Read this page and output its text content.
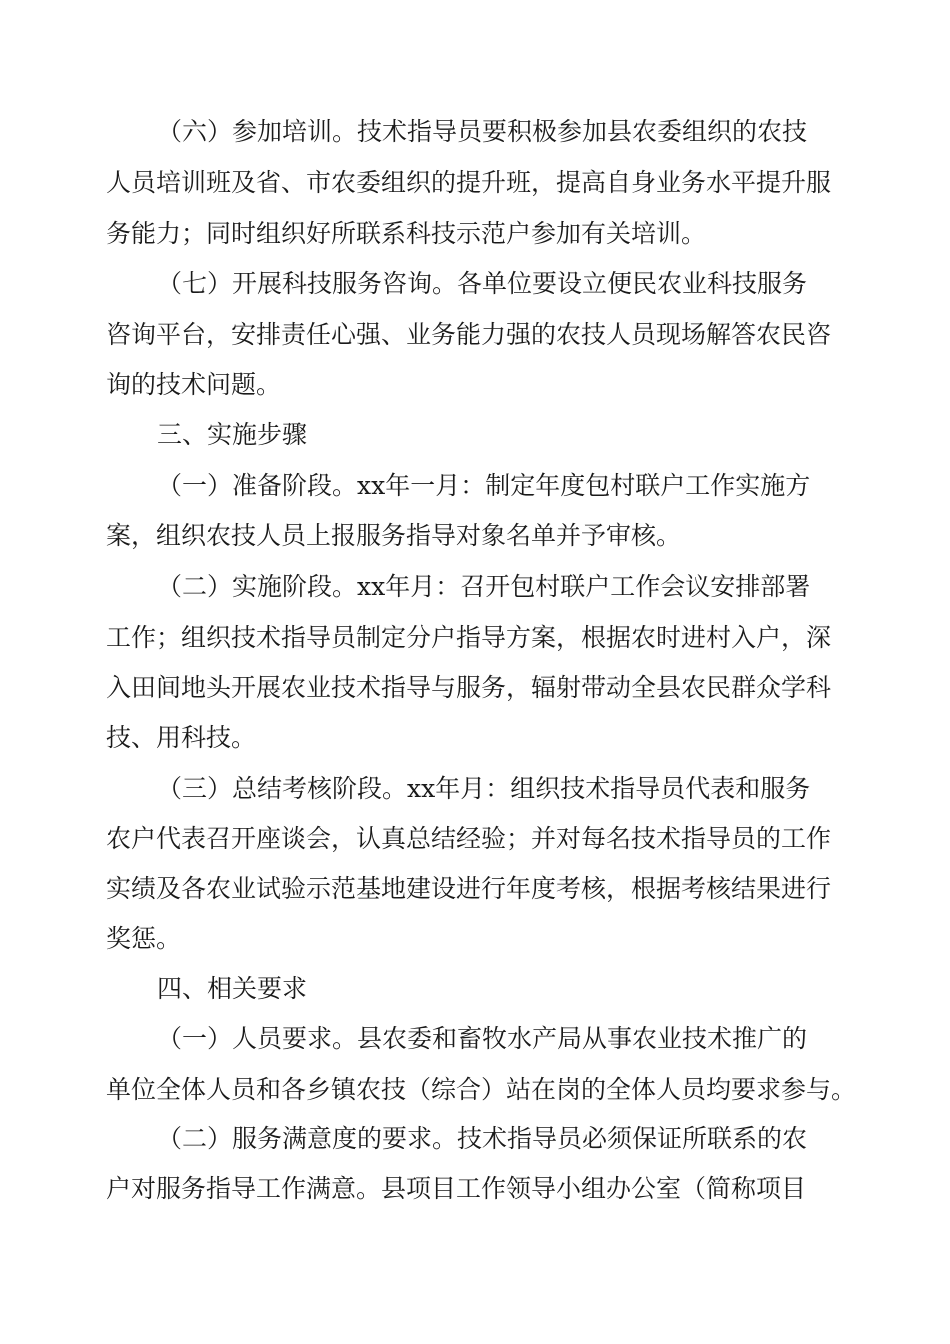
（六）参加培训。技术指导员要积极参加县农委组织的农技
人员培训班及省、市农委组织的提升班，提高自身业务水平提升服
务能力；同时组织好所联系科技示范户参加有关培训。
（七）开展科技服务咨询。各单位要设立便民农业科技服务
咨询平台，安排责任心强、业务能力强的农技人员现场解答农民咨
询的技术问题。
三、实施步骤
（一）准备阶段。xx年一月：制定年度包村联户工作实施方
案，组织农技人员上报服务指导对象名单并予审核。
（二）实施阶段。xx年月：召开包村联户工作会议安排部署
工作；组织技术指导员制定分户指导方案，根据农时进村入户，深
入田间地头开展农业技术指导与服务，辐射带动全县农民群众学科
技、用科技。
（三）总结考核阶段。xx年月：组织技术指导员代表和服务
农户代表召开座谈会，认真总结经验；并对每名技术指导员的工作
实绩及各农业试验示范基地建设进行年度考核，根据考核结果进行
奖惩。
四、相关要求
（一）人员要求。县农委和畜牧水产局从事农业技术推广的
单位全体人员和各乡镇农技（综合）站在岗的全体人员均要求参与。
（二）服务满意度的要求。技术指导员必须保证所联系的农
户对服务指导工作满意。县项目工作领导小组办公室（简称项目
